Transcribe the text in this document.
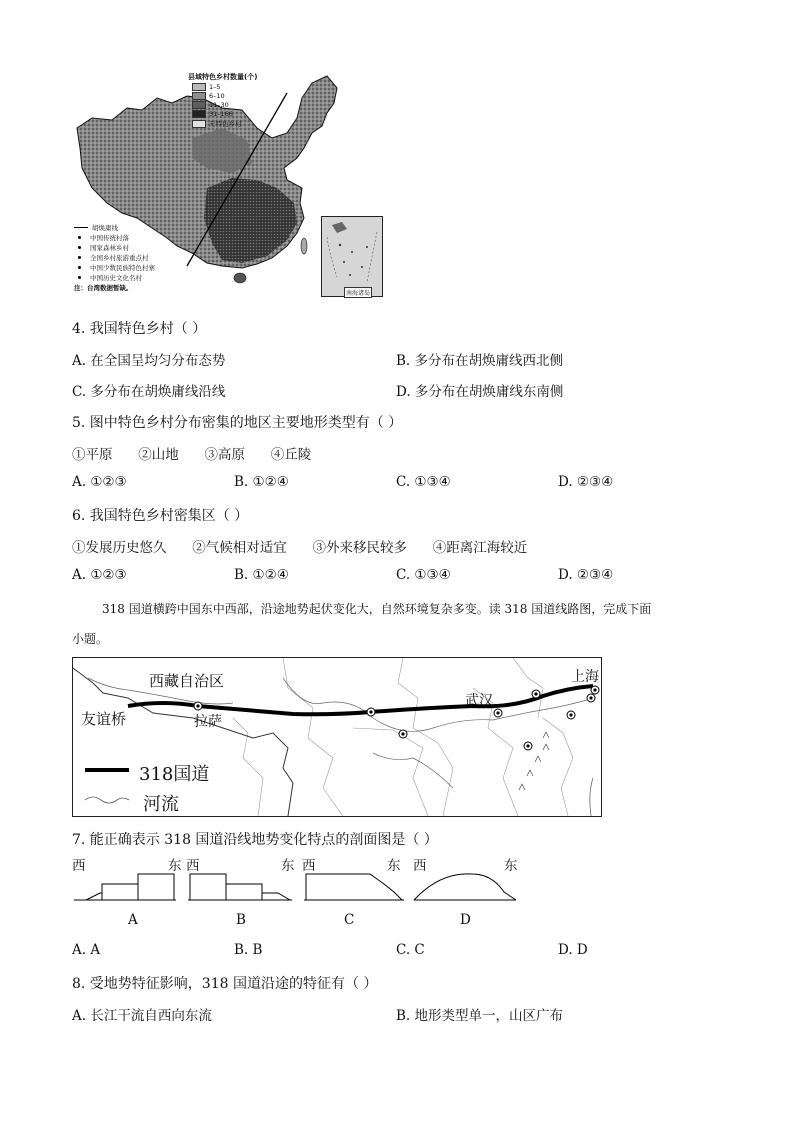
县域特色乡村数量(个)
1–5
6–10
11–30
31–166
无特色乡村
胡焕庸线
中国传统村落
国家森林乡村
全国乡村旅游重点村
中国少数民族特色村寨
中国历史文化名村
注：台湾数据暂缺。
南海诸岛
4. 我国特色乡村（ ）
A. 在全国呈均匀分布态势	B. 多分布在胡焕庸线西北侧
C. 多分布在胡焕庸线沿线	D. 多分布在胡焕庸线东南侧
5. 图中特色乡村分布密集的地区主要地形类型有（ ）
①平原      ②山地      ③高原      ④丘陵
A. ①②③	B. ①②④	C. ①③④	D. ②③④
6. 我国特色乡村密集区（ ）
①发展历史悠久      ②气候相对适宜      ③外来移民较多      ④距离江海较近
A. ①②③	B. ①②④	C. ①③④	D. ②③④
318 国道横跨中国东中西部，沿途地势起伏变化大，自然环境复杂多变。读 318 国道线路图，完成下面
小题。
西藏自治区
友谊桥	拉萨
武汉
上海
318国道
河流
7. 能正确表示 318 国道沿线地势变化特点的剖面图是（ ）
西	东 西	东 西	东 西	东
A	B	C	D
A. A	B. B	C. C	D. D
8. 受地势特征影响，318 国道沿途的特征有（ ）
A. 长江干流自西向东流	B. 地形类型单一，山区广布
